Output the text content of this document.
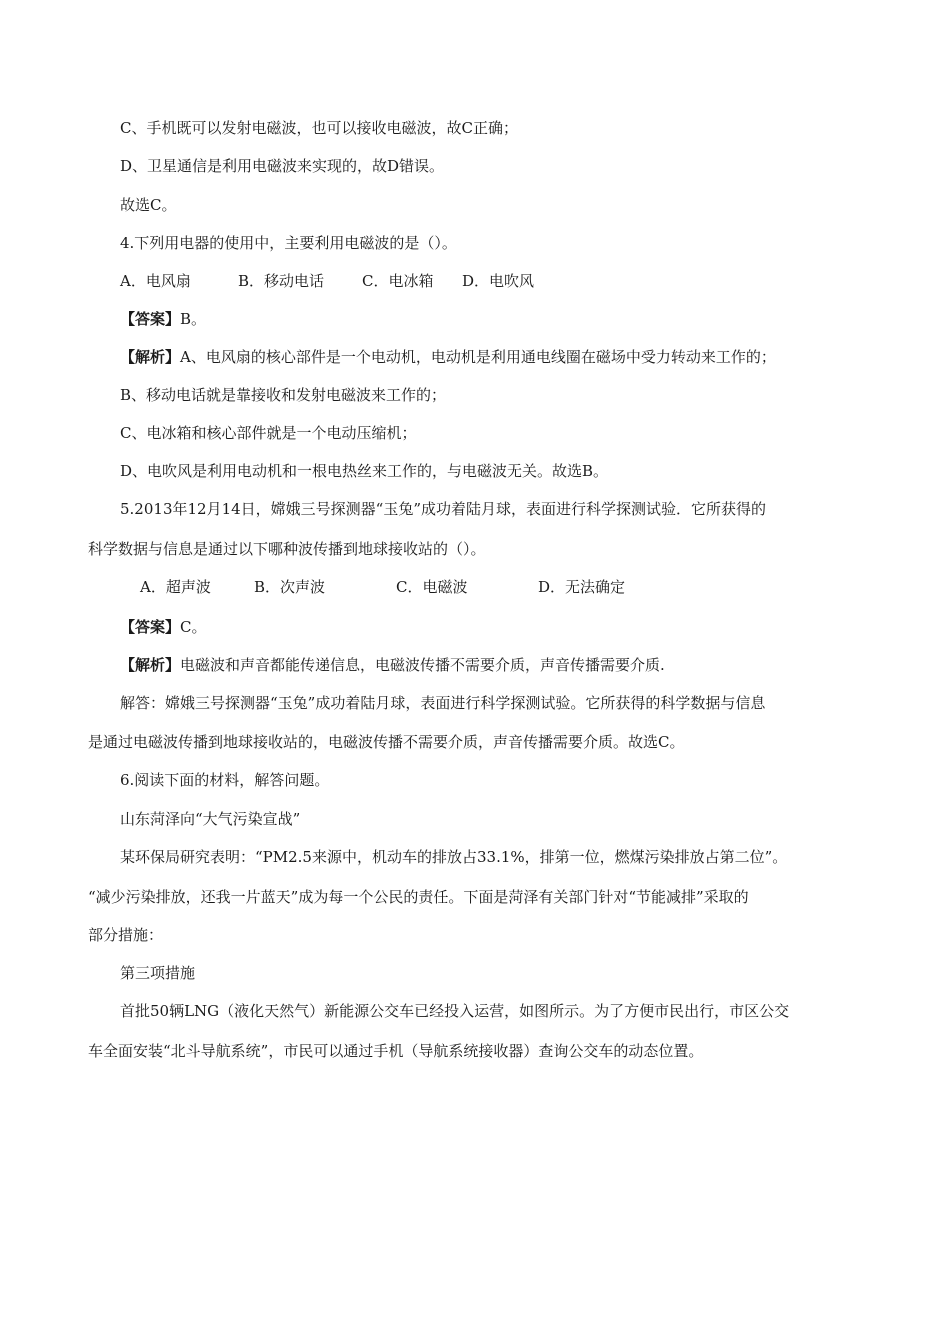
C、手机既可以发射电磁波，也可以接收电磁波，故C正确；
D、卫星通信是利用电磁波来实现的，故D错误。
故选C。
4.下列用电器的使用中，主要利用电磁波的是（）。
A．电风扇	B．移动电话	C．电冰箱 D．电吹风
【答案】B。
【解析】A、电风扇的核心部件是一个电动机，电动机是利用通电线圈在磁场中受力转动来工作的；
B、移动电话就是靠接收和发射电磁波来工作的；
C、电冰箱和核心部件就是一个电动压缩机；
D、电吹风是利用电动机和一根电热丝来工作的，与电磁波无关。故选B。
5.2013年12月14日，嫦娥三号探测器“玉兔”成功着陆月球，表面进行科学探测试验．它所获得的
科学数据与信息是通过以下哪种波传播到地球接收站的（）。
A．超声波	B．次声波	C．电磁波	D．无法确定
【答案】C。
【解析】电磁波和声音都能传递信息，电磁波传播不需要介质，声音传播需要介质.
解答：嫦娥三号探测器“玉兔”成功着陆月球，表面进行科学探测试验。它所获得的科学数据与信息
是通过电磁波传播到地球接收站的，电磁波传播不需要介质，声音传播需要介质。故选C。
6.阅读下面的材料，解答问题。
山东菏泽向“大气污染宣战”
某环保局研究表明：“PM2.5来源中，机动车的排放占33.1%，排第一位，燃煤污染排放占第二位”。
“减少污染排放，还我一片蓝天”成为每一个公民的责任。下面是菏泽有关部门针对“节能减排”采取的
部分措施：
第三项措施
首批50辆LNG（液化天然气）新能源公交车已经投入运营，如图所示。为了方便市民出行，市区公交
车全面安装“北斗导航系统”，市民可以通过手机（导航系统接收器）查询公交车的动态位置。
